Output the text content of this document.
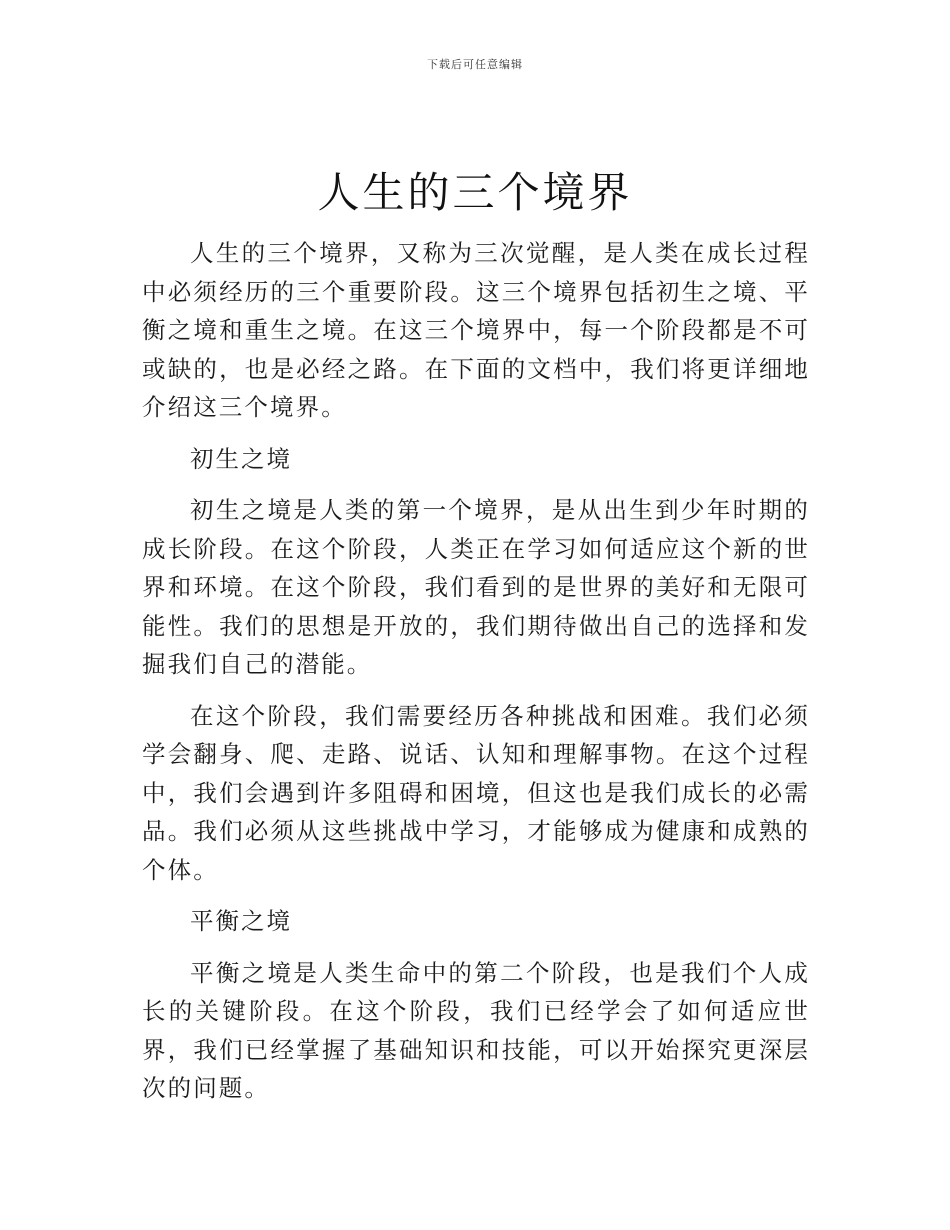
下载后可任意编辑
人生的三个境界

人生的三个境界，又称为三次觉醒，是人类在成长过程中必须经历的三个重要阶段。这三个境界包括初生之境、平衡之境和重生之境。在这三个境界中，每一个阶段都是不可或缺的，也是必经之路。在下面的文档中，我们将更详细地介绍这三个境界。

初生之境

初生之境是人类的第一个境界，是从出生到少年时期的成长阶段。在这个阶段，人类正在学习如何适应这个新的世界和环境。在这个阶段，我们看到的是世界的美好和无限可能性。我们的思想是开放的，我们期待做出自己的选择和发掘我们自己的潜能。

在这个阶段，我们需要经历各种挑战和困难。我们必须学会翻身、爬、走路、说话、认知和理解事物。在这个过程中，我们会遇到许多阻碍和困境，但这也是我们成长的必需品。我们必须从这些挑战中学习，才能够成为健康和成熟的个体。

平衡之境

平衡之境是人类生命中的第二个阶段，也是我们个人成长的关键阶段。在这个阶段，我们已经学会了如何适应世界，我们已经掌握了基础知识和技能，可以开始探究更深层次的问题。
